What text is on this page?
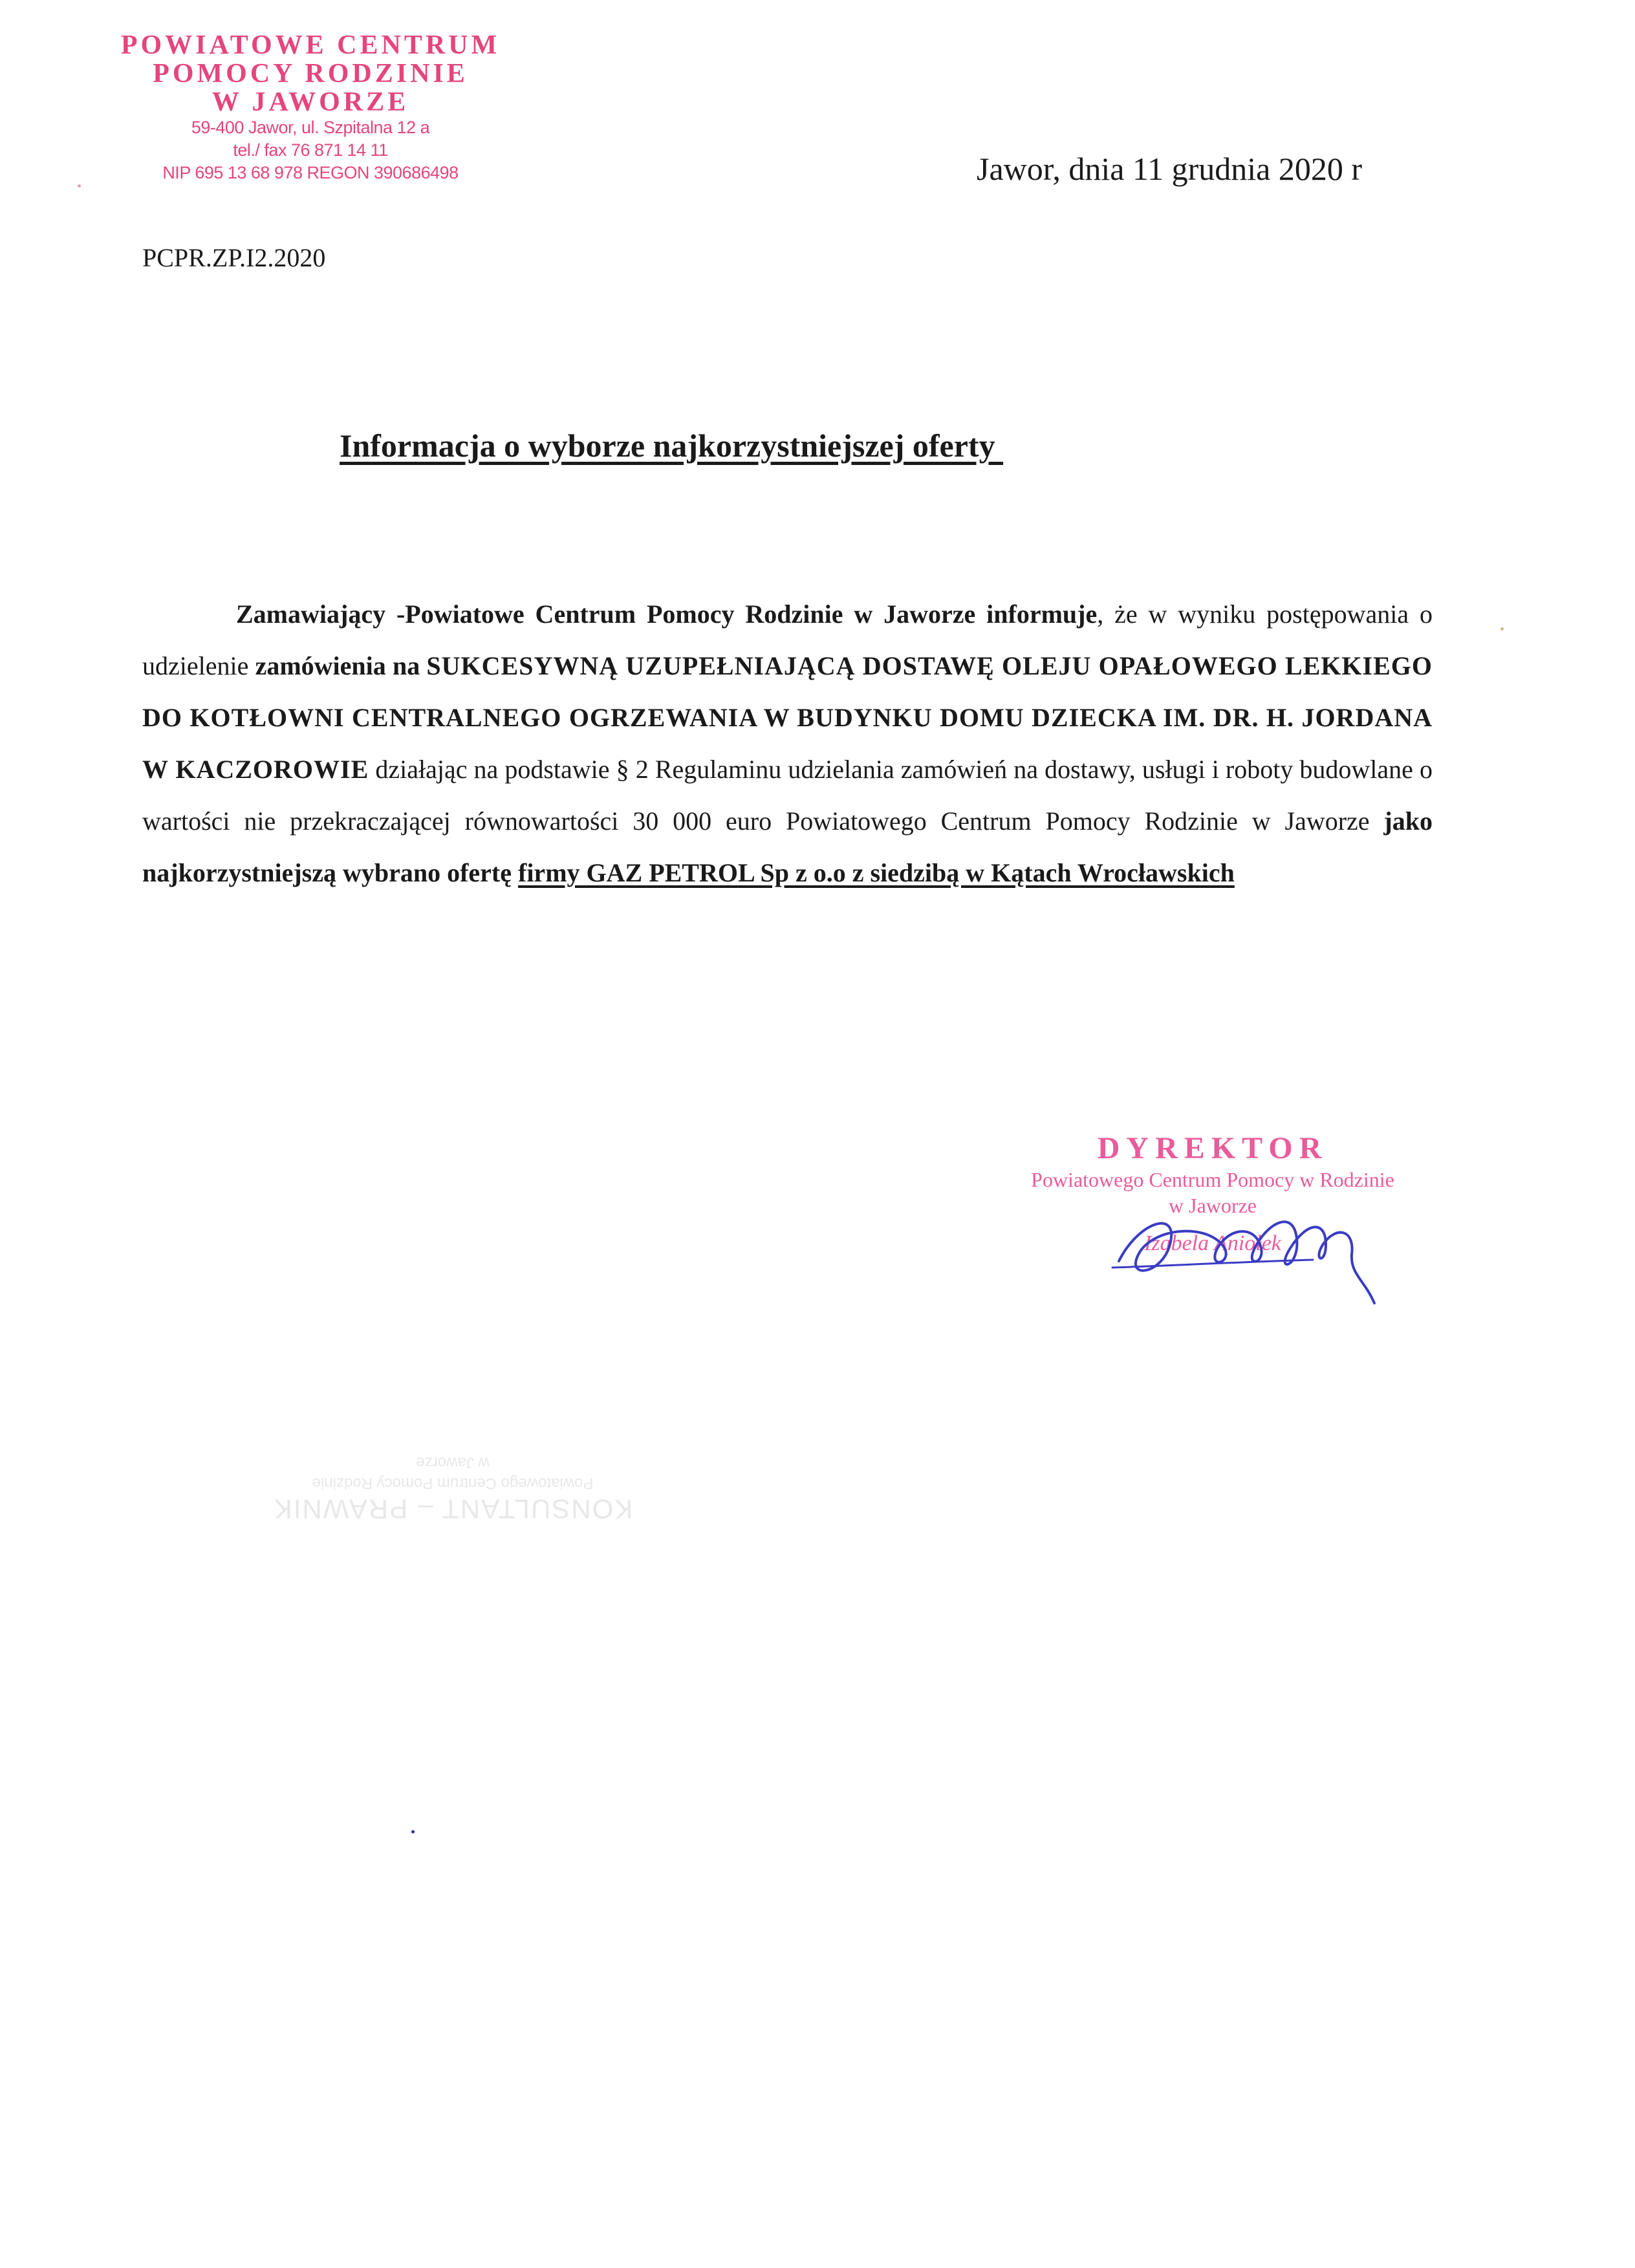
POWIATOWE CENTRUM
POMOCY RODZINIE
W JAWORZE
59-400 Jawor, ul. Szpitalna 12 a
tel./ fax 76 871 14 11
NIP 695 13 68 978 REGON 390686498	Jawor, dnia 11 grudnia 2020 r
PCPR.ZP.I2.2020
Informacja o wyborze najkorzystniejszej oferty
Zamawiający -Powiatowe Centrum Pomocy Rodzinie w Jaworze informuje, że w wyniku postępowania o udzielenie zamówienia na SUKCESYWNĄ UZUPEŁNIAJĄCĄ DOSTAWĘ OLEJU OPAŁOWEGO LEKKIEGO DO KOTŁOWNI CENTRALNEGO OGRZEWANIA W BUDYNKU DOMU DZIECKA IM. DR. H. JORDANA W KACZOROWIE działając na podstawie § 2 Regulaminu udzielania zamówień na dostawy, usługi i roboty budowlane o wartości nie przekraczającej równowartości 30 000 euro Powiatowego Centrum Pomocy Rodzinie w Jaworze jako najkorzystniejszą wybrano ofertę firmy GAZ PETROL Sp z o.o z siedzibą w Kątach Wrocławskich
DYREKTOR
Powiatowego Centrum Pomocy w Rodzinie
w Jaworze
Izabela Aniołek
KONSULTANT – PRAWNIK
Powiatowego Centrum Pomocy Rodzinie
w Jaworze
